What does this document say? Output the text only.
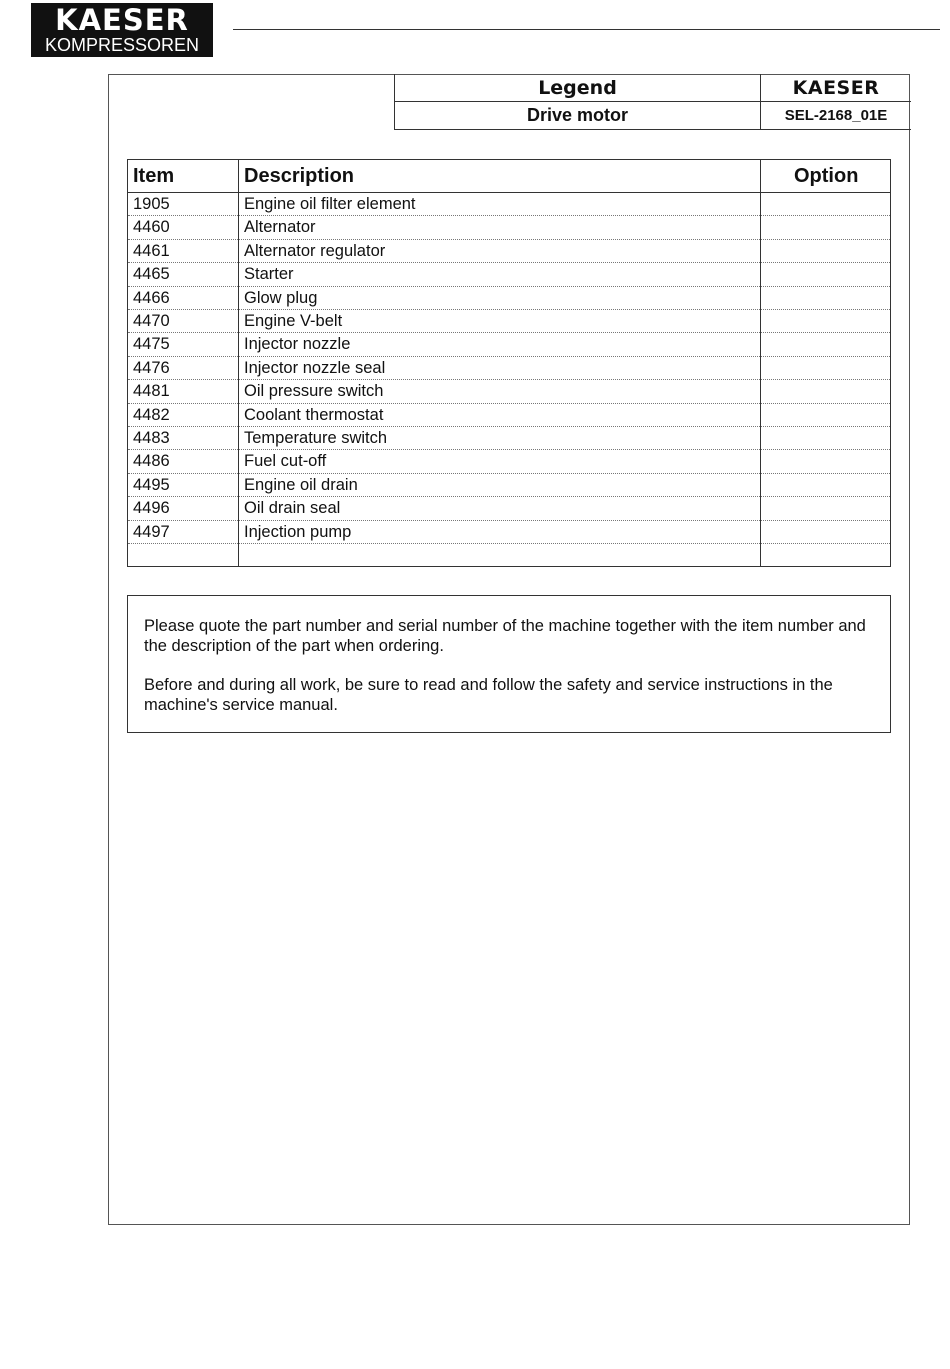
KAESER
KOMPRESSOREN
Legend	KAESER
Drive motor	SEL-2168_01E
Item	Description	Option
1905	Engine oil filter element
4460	Alternator
4461	Alternator regulator
4465	Starter
4466	Glow plug
4470	Engine V-belt
4475	Injector nozzle
4476	Injector nozzle seal
4481	Oil pressure switch
4482	Coolant thermostat
4483	Temperature switch
4486	Fuel cut-off
4495	Engine oil drain
4496	Oil drain seal
4497	Injection pump

Please quote the part number and serial number of the machine together with the item number and the description of the part when ordering.

Before and during all work, be sure to read and follow the safety and service instructions in the machine's service manual.
